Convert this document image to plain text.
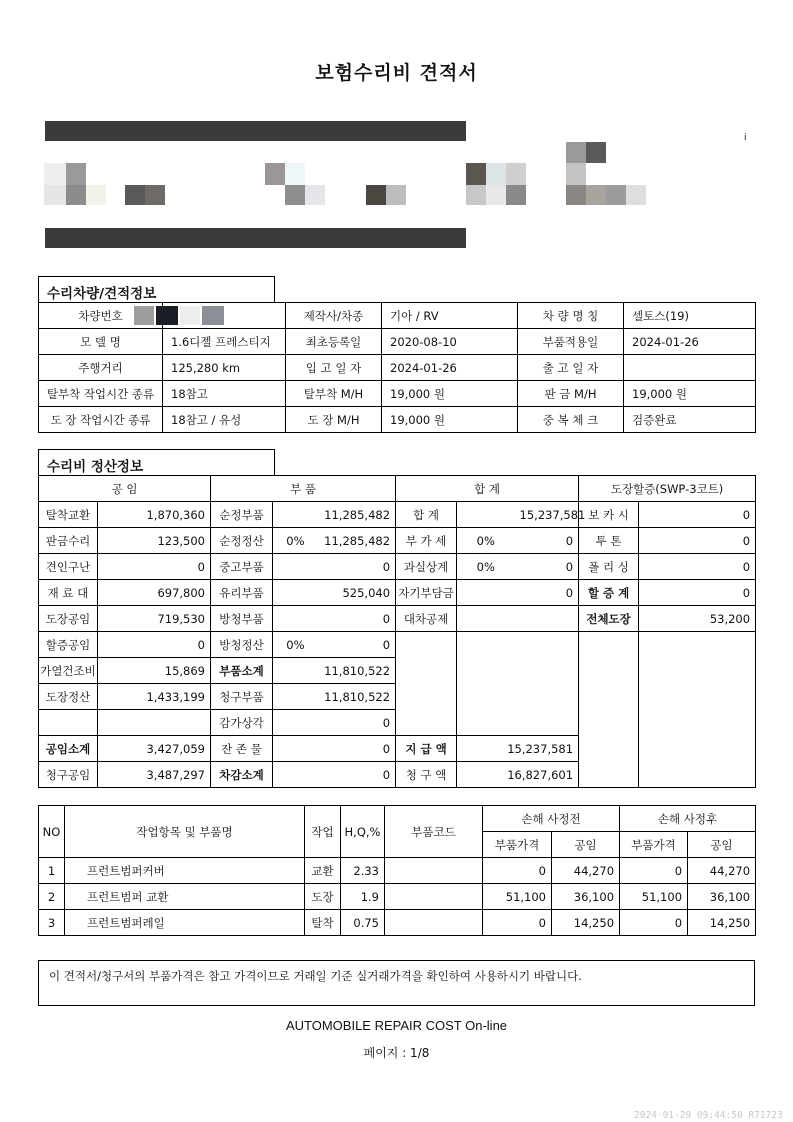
보험수리비 견적서
ⅰ
수리차량/견적정보
차량번호		제작사/차종	기아 / RV	차 량 명 칭	셀토스(19)
모 델 명	1.6디젤 프레스티지	최초등록일	2020-08-10	부품적용일	2024-01-26
주행거리	125,280 km	입 고 일 자	2024-01-26	출 고 일 자	
탈부착 작업시간 종류	18참고	탈부착 M/H	19,000 원	판 금 M/H	19,000 원
도 장 작업시간 종류	18참고 / 유성	도 장 M/H	19,000 원	중 복 체 크	검증완료
수리비 정산정보
공 임		부 품			합 계			도장할증(SWP-3코트)	
탈착교환	1,870,360	순정부품		11,285,482	합 계		15,237,581	보 카 시	0
판금수리	123,500	순정정산	0%	11,285,482	부 가 세	0%	0	투 톤	0
견인구난	0	중고부품		0	과실상계	0%	0	폴 리 싱	0
재 료 대	697,800	유리부품		525,040	자기부담금		0	할 증 계	0
도장공임	719,530	방청부품		0	대차공제			전체도장	53,200
할증공임	0	방청정산	0%	0					
가열건조비	15,869	부품소계		11,810,522					
도장정산	1,433,199	청구부품		11,810,522					
		감가상각		0					
공임소계	3,427,059	잔 존 물		0	지 급 액	15,237,581			
청구공임	3,487,297	차감소계		0	청 구 액	16,827,601			
NO	작업항목 및 부품명	작업	H,Q,%	부품코드	손해 사정전		손해 사정후	
					부품가격	공임	부품가격	공임
1	프런트범퍼커버	교환	2.33		0	44,270	0	44,270
2	프런트범퍼 교환	도장	1.9		51,100	36,100	51,100	36,100
3	프런트범퍼레일	탈착	0.75		0	14,250	0	14,250
이 견적서/청구서의 부품가격은 참고 가격이므로 거래일 기준 실거래가격을 확인하여 사용하시기 바랍니다.
AUTOMOBILE REPAIR COST On-line
페이지 : 1/8
2024-01-29 09:44:50 R71723
